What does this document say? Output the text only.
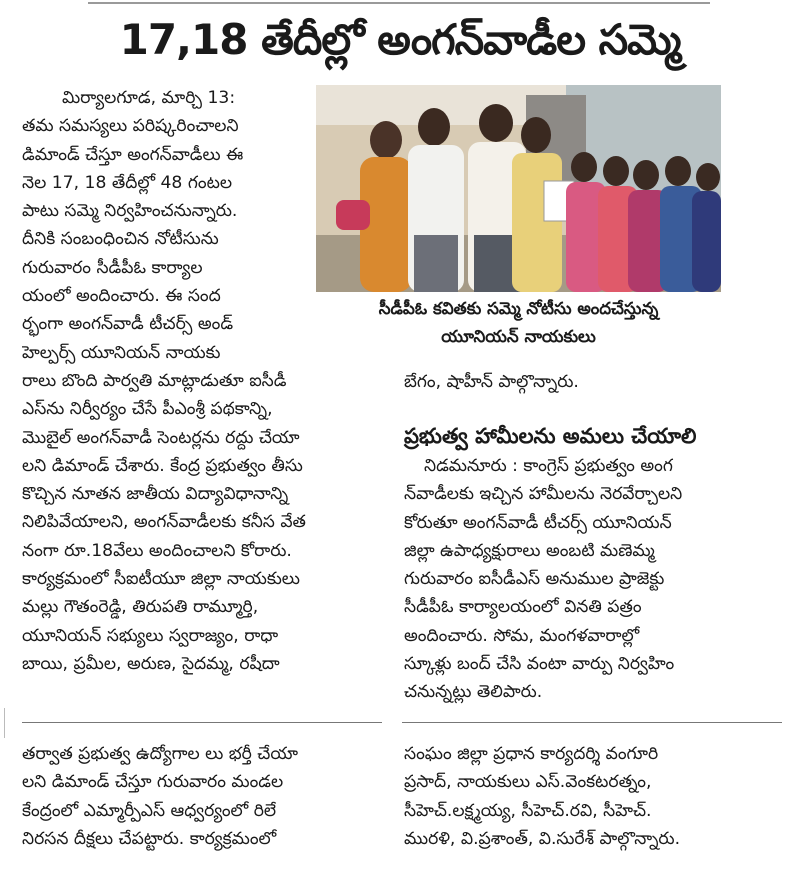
17,18 తేదీల్లో అంగన్‌వాడీల సమ్మె
మిర్యాలగూడ, మార్చి 13:
తమ సమస్యలు పరిష్కరించాలని
డిమాండ్ చేస్తూ అంగన్‌వాడీలు ఈ
నెల 17, 18 తేదీల్లో 48 గంటల
పాటు సమ్మె నిర్వహించనున్నారు.
దీనికి సంబంధించిన నోటీసును
గురువారం సీడీపీఓ కార్యాల
యంలో అందించారు. ఈ సంద
ర్భంగా అంగన్‌వాడీ టీచర్స్ అండ్
హెల్పర్స్ యూనియన్ నాయకు
రాలు బొంది పార్వతి మాట్లాడుతూ ఐసీడీ
ఎస్‌ను నిర్వీర్యం చేసే పీఎంశ్రీ పథకాన్ని,
మొబైల్ అంగన్‌వాడీ సెంటర్లను రద్దు చేయా
లని డిమాండ్ చేశారు. కేంద్ర ప్రభుత్వం తీసు
కొచ్చిన నూతన జాతీయ విద్యావిధానాన్ని
నిలిపివేయాలని, అంగన్‌వాడీలకు కనీస వేత
నంగా రూ.18వేలు అందించాలని కోరారు.
కార్యక్రమంలో సీఐటీయూ జిల్లా నాయకులు
మల్లు గౌతంరెడ్డి, తిరుపతి రామ్మూర్తి,
యూనియన్ సభ్యులు స్వరాజ్యం, రాధా
బాయి, ప్రమీల, అరుణ, సైదమ్మ, రషీదా
సీడీపీఓ కవితకు సమ్మె నోటీసు అందచేస్తున్న
యూనియన్ నాయకులు
బేగం, షాహీన్ పాల్గొన్నారు.
ప్రభుత్వ హామీలను అమలు చేయాలి
నిడమనూరు : కాంగ్రెస్ ప్రభుత్వం అంగ
న్‌వాడీలకు ఇచ్చిన హామీలను నెరవేర్చాలని
కోరుతూ అంగన్‌వాడీ టీచర్స్ యూనియన్
జిల్లా ఉపాధ్యక్షురాలు అంబటి మణెమ్మ
గురువారం ఐసీడీఎస్ అనుముల ప్రాజెక్టు
సీడీపీఓ కార్యాలయంలో వినతి పత్రం
అందించారు. సోమ, మంగళవారాల్లో
స్కూళ్లు బంద్ చేసి వంటా వార్పు నిర్వహిం
చనున్నట్లు తెలిపారు.
తర్వాత ప్రభుత్వ ఉద్యోగాల లు భర్తీ చేయా
లని డిమాండ్ చేస్తూ గురువారం మండల
కేంద్రంలో ఎమ్మార్పీఎస్ ఆధ్వర్యంలో రిలే
నిరసన దీక్షలు చేపట్టారు. కార్యక్రమంలో
సంఘం జిల్లా ప్రధాన కార్యదర్శి వంగూరి
ప్రసాద్, నాయకులు ఎస్.వెంకటరత్నం,
సీహెచ్.లక్ష్మయ్య, సీహెచ్.రవి, సీహెచ్.
మురళి, వి.ప్రశాంత్, వి.సురేశ్ పాల్గొన్నారు.
